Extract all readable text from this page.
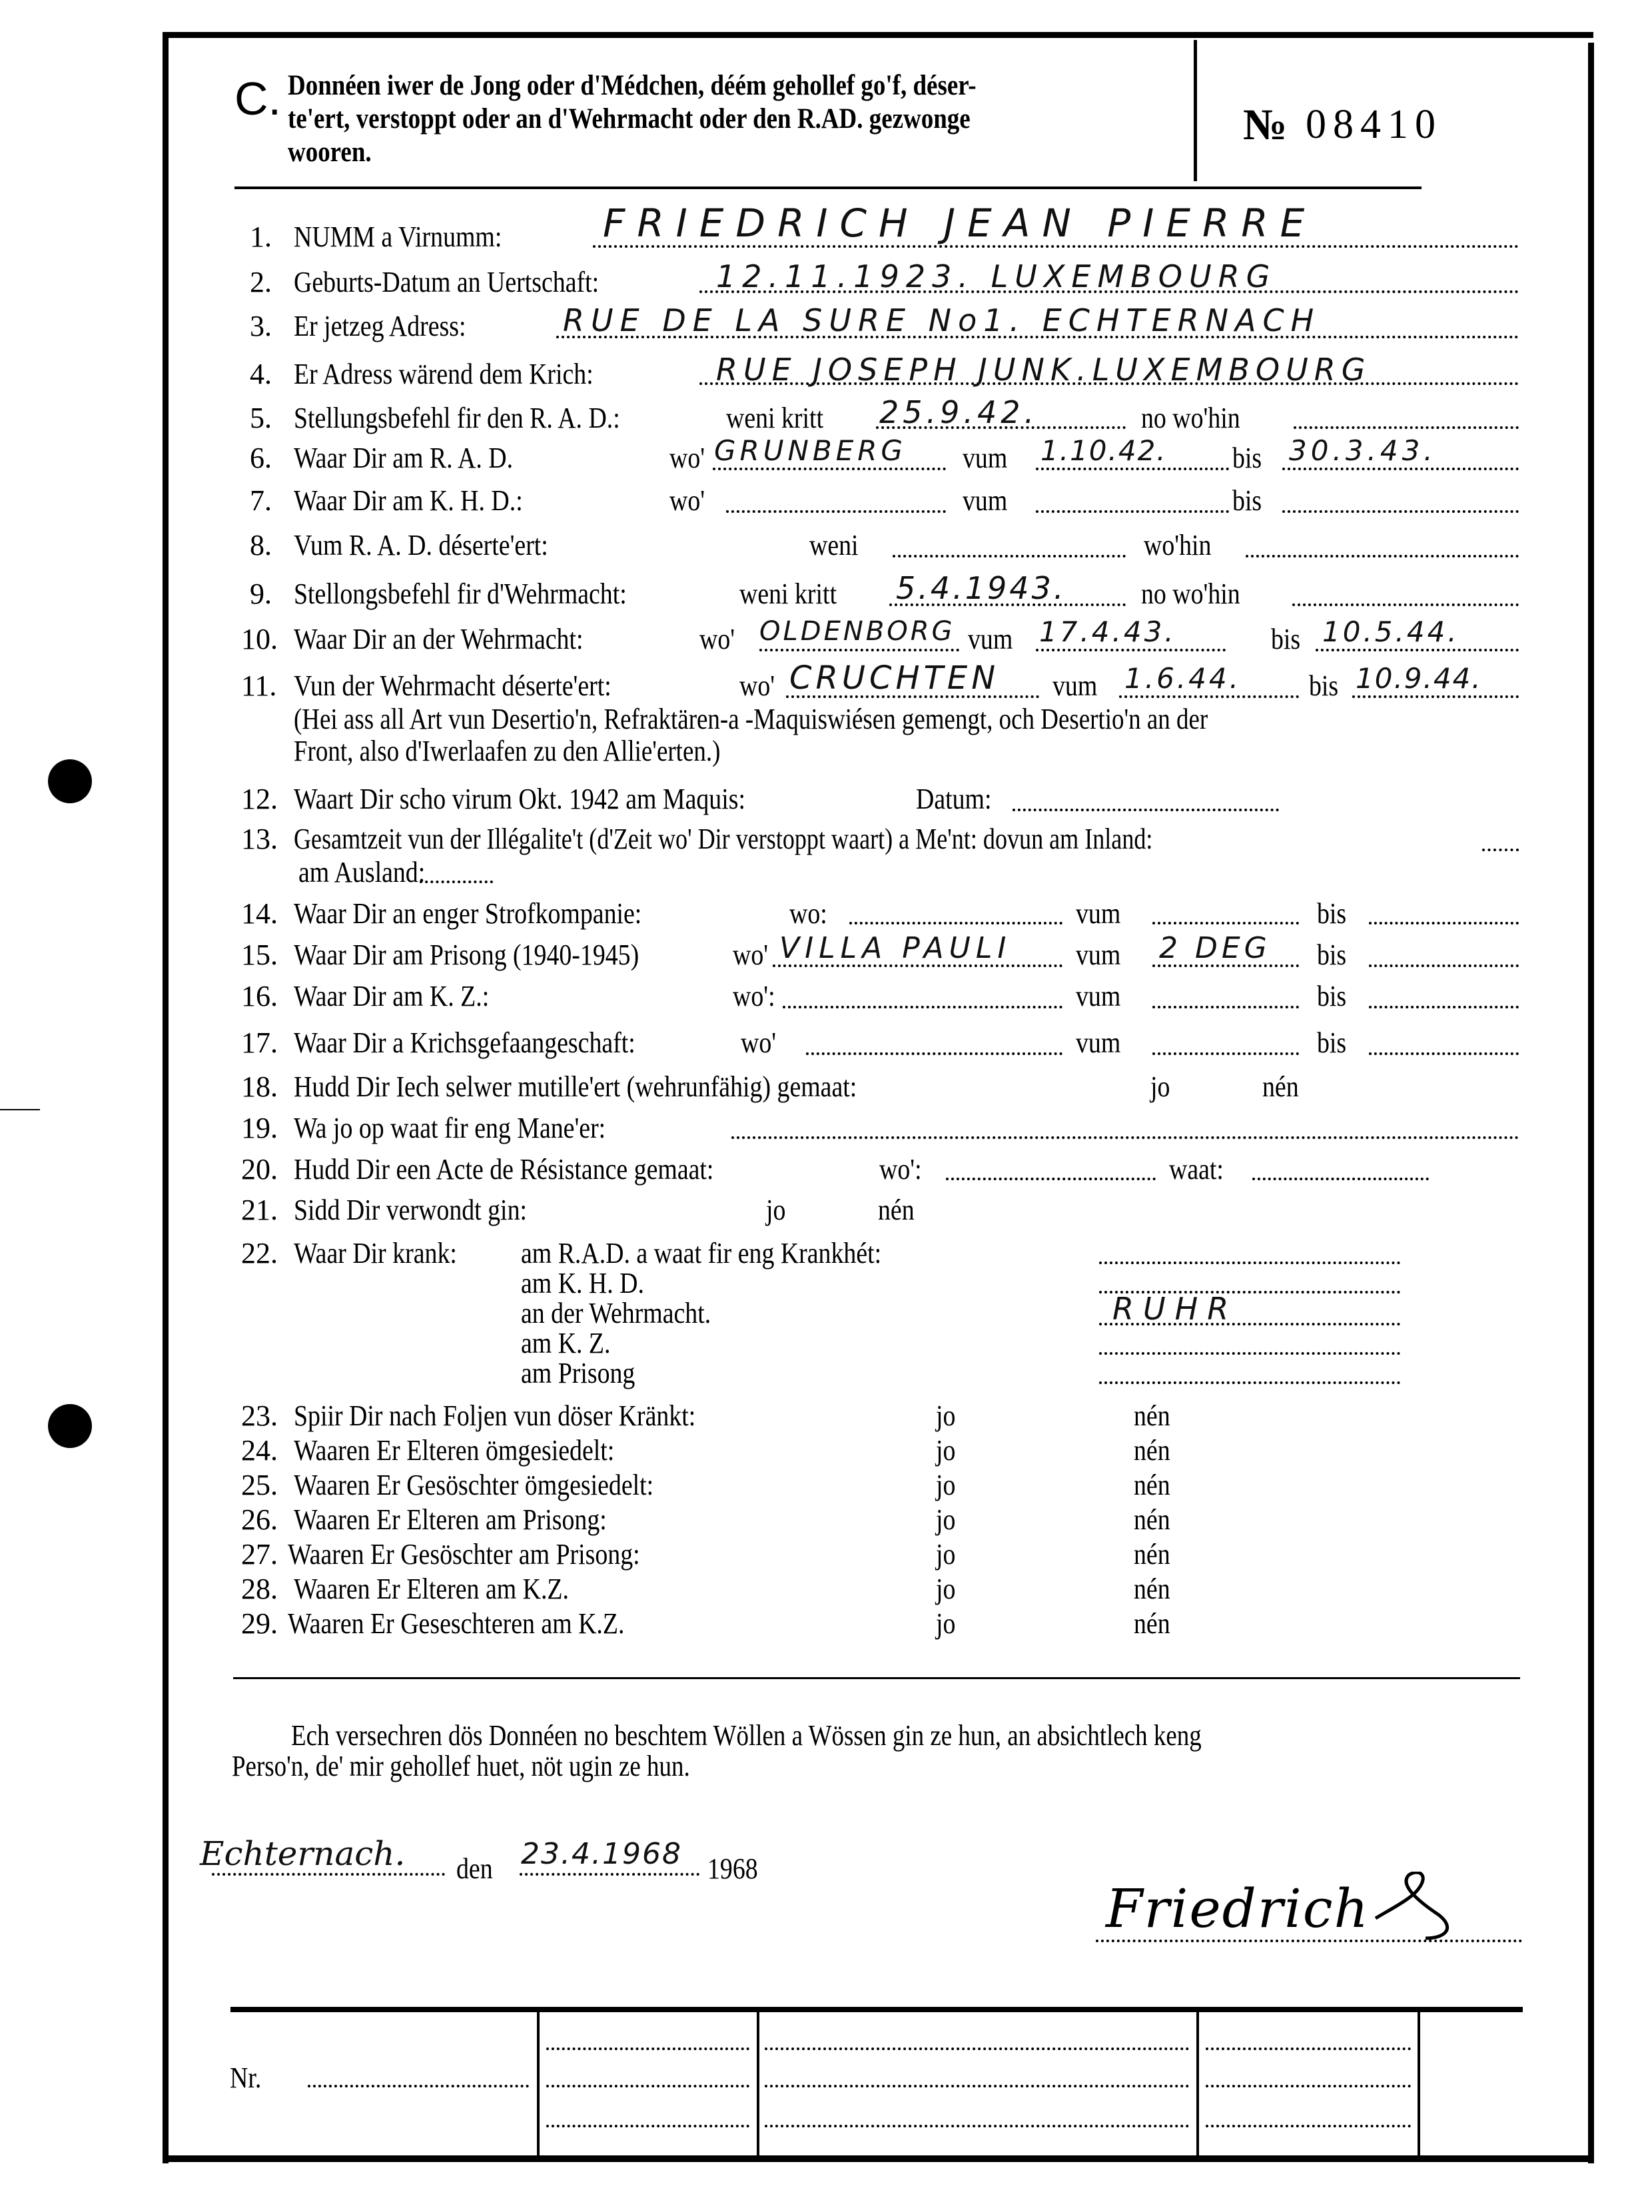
C. Donnéen iwer de Jong oder d'Médchen, déém gehollef go'f, déser-
te'ert, verstoppt oder an d'Wehrmacht oder den R.AD. gezwonge
wooren.
№ 08410
1. NUMM a Virnumm:	FRIEDRICH JEAN PIERRE
2. Geburts-Datum an Uertschaft:	12.11.1923. LUXEMBOURG
3. Er jetzeg Adress:	RUE DE LA SURE No1. ECHTERNACH
4. Er Adress wärend dem Krich:	RUE JOSEPH JUNK.LUXEMBOURG
5. Stellungsbefehl fir den R. A. D.:	weni kritt 25.9.42.	no wo'hin
6. Waar Dir am R. A. D.	wo' GRUNBERG vum 1.10.42. bis 30.3.43.
7. Waar Dir am K. H. D.:	wo'	vum	bis
8. Vum R. A. D. déserte'ert:	weni	wo'hin
9. Stellongsbefehl fir d'Wehrmacht:	weni kritt 5.4.1943.	no wo'hin
10. Waar Dir an der Wehrmacht:	wo' OLDENBORG vum 17.4.43.	bis 10.5.44.
11. Vun der Wehrmacht déserte'ert:	wo' CRUCHTEN vum 1.6.44. bis 10.9.44.
(Hei ass all Art vun Desertio'n, Refraktären-a -Maquiswiésen gemengt, och Desertio'n an der
Front, also d'Iwerlaafen zu den Allie'erten.)
12. Waart Dir scho virum Okt. 1942 am Maquis:	Datum:
13. Gesamtzeit vun der Illégalite't (d'Zeit wo' Dir verstoppt waart) a Me'nt: dovun am Inland:
am Ausland:
14. Waar Dir an enger Strofkompanie:	wo:	vum	bis
15. Waar Dir am Prisong (1940-1945)	wo' VILLA PAULI vum 2 DEG bis
16. Waar Dir am K. Z.:	wo':	vum	bis
17. Waar Dir a Krichsgefaangeschaft:	wo'	vum	bis
18. Hudd Dir Iech selwer mutille'ert (wehrunfähig) gemaat:	jo	nén
19. Wa jo op waat fir eng Mane'er:
20. Hudd Dir een Acte de Résistance gemaat:	wo':	waat:
21. Sidd Dir verwondt gin:	jo	nén
22. Waar Dir krank: am R.A.D. a waat fir eng Krankhét:
am K. H. D.
an der Wehrmacht.	RUHR
am K. Z.
am Prisong
23. Spiir Dir nach Foljen vun döser Kränkt:	jo	nén
24. Waaren Er Elteren ömgesiedelt:	jo	nén
25. Waaren Er Gesöschter ömgesiedelt:	jo	nén
26. Waaren Er Elteren am Prisong:	jo	nén
27. Waaren Er Gesöschter am Prisong:	jo	nén
28. Waaren Er Elteren am K.Z.	jo	nén
29. Waaren Er Geseschteren am K.Z.	jo	nén
Ech versechren dös Donnéen no beschtem Wöllen a Wössen gin ze hun, an absichtlech keng
Perso'n, de' mir gehollef huet, nöt ugin ze hun.
Echternach. den 23.4.1968 1968
Friedrich
Nr.
